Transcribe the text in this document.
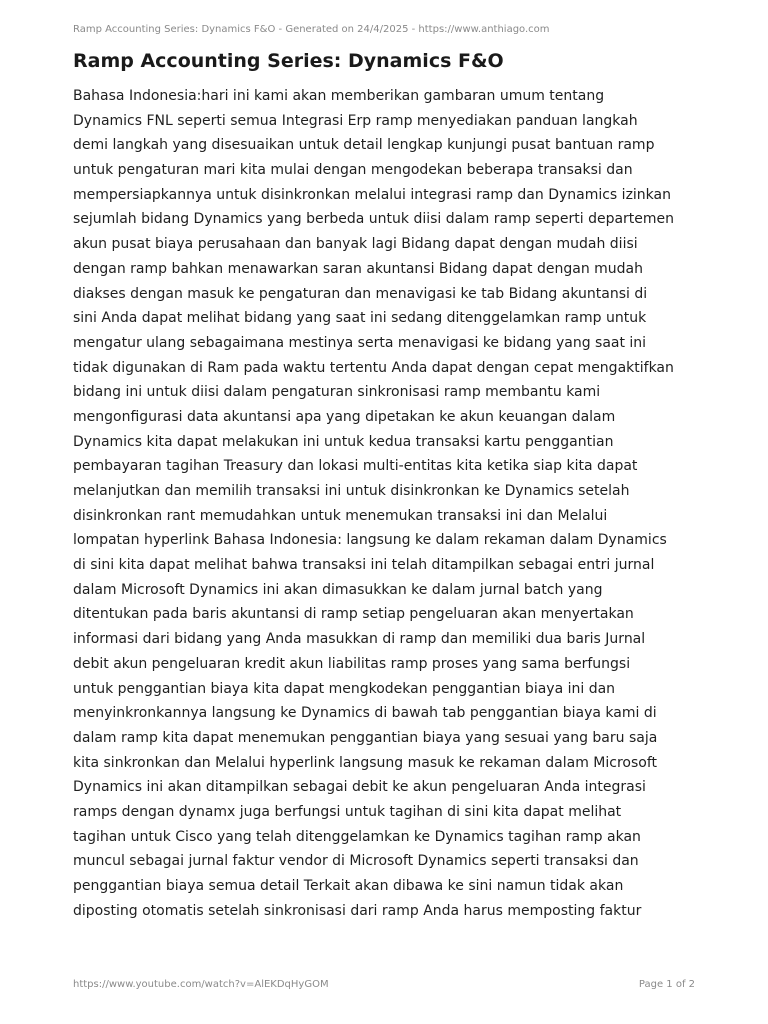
Ramp Accounting Series: Dynamics F&O - Generated on 24/4/2025 - https://www.anthiago.com
Ramp Accounting Series: Dynamics F&O
Bahasa Indonesia:hari ini kami akan memberikan gambaran umum tentang
Dynamics FNL seperti semua Integrasi Erp ramp menyediakan panduan langkah
demi langkah yang disesuaikan untuk detail lengkap kunjungi pusat bantuan ramp
untuk pengaturan mari kita mulai dengan mengodekan beberapa transaksi dan
mempersiapkannya untuk disinkronkan melalui integrasi ramp dan Dynamics izinkan
sejumlah bidang Dynamics yang berbeda untuk diisi dalam ramp seperti departemen
akun pusat biaya perusahaan dan banyak lagi Bidang dapat dengan mudah diisi
dengan ramp bahkan menawarkan saran akuntansi Bidang dapat dengan mudah
diakses dengan masuk ke pengaturan dan menavigasi ke tab Bidang akuntansi di
sini Anda dapat melihat bidang yang saat ini sedang ditenggelamkan ramp untuk
mengatur ulang sebagaimana mestinya serta menavigasi ke bidang yang saat ini
tidak digunakan di Ram pada waktu tertentu Anda dapat dengan cepat mengaktifkan
bidang ini untuk diisi dalam pengaturan sinkronisasi ramp membantu kami
mengonfigurasi data akuntansi apa yang dipetakan ke akun keuangan dalam
Dynamics kita dapat melakukan ini untuk kedua transaksi kartu penggantian
pembayaran tagihan Treasury dan lokasi multi-entitas kita ketika siap kita dapat
melanjutkan dan memilih transaksi ini untuk disinkronkan ke Dynamics setelah
disinkronkan rant memudahkan untuk menemukan transaksi ini dan Melalui
lompatan hyperlink Bahasa Indonesia: langsung ke dalam rekaman dalam Dynamics
di sini kita dapat melihat bahwa transaksi ini telah ditampilkan sebagai entri jurnal
dalam Microsoft Dynamics ini akan dimasukkan ke dalam jurnal batch yang
ditentukan pada baris akuntansi di ramp setiap pengeluaran akan menyertakan
informasi dari bidang yang Anda masukkan di ramp dan memiliki dua baris Jurnal
debit akun pengeluaran kredit akun liabilitas ramp proses yang sama berfungsi
untuk penggantian biaya kita dapat mengkodekan penggantian biaya ini dan
menyinkronkannya langsung ke Dynamics di bawah tab penggantian biaya kami di
dalam ramp kita dapat menemukan penggantian biaya yang sesuai yang baru saja
kita sinkronkan dan Melalui hyperlink langsung masuk ke rekaman dalam Microsoft
Dynamics ini akan ditampilkan sebagai debit ke akun pengeluaran Anda integrasi
ramps dengan dynamx juga berfungsi untuk tagihan di sini kita dapat melihat
tagihan untuk Cisco yang telah ditenggelamkan ke Dynamics tagihan ramp akan
muncul sebagai jurnal faktur vendor di Microsoft Dynamics seperti transaksi dan
penggantian biaya semua detail Terkait akan dibawa ke sini namun tidak akan
diposting otomatis setelah sinkronisasi dari ramp Anda harus memposting faktur
https://www.youtube.com/watch?v=AlEKDqHyGOM	Page 1 of 2
